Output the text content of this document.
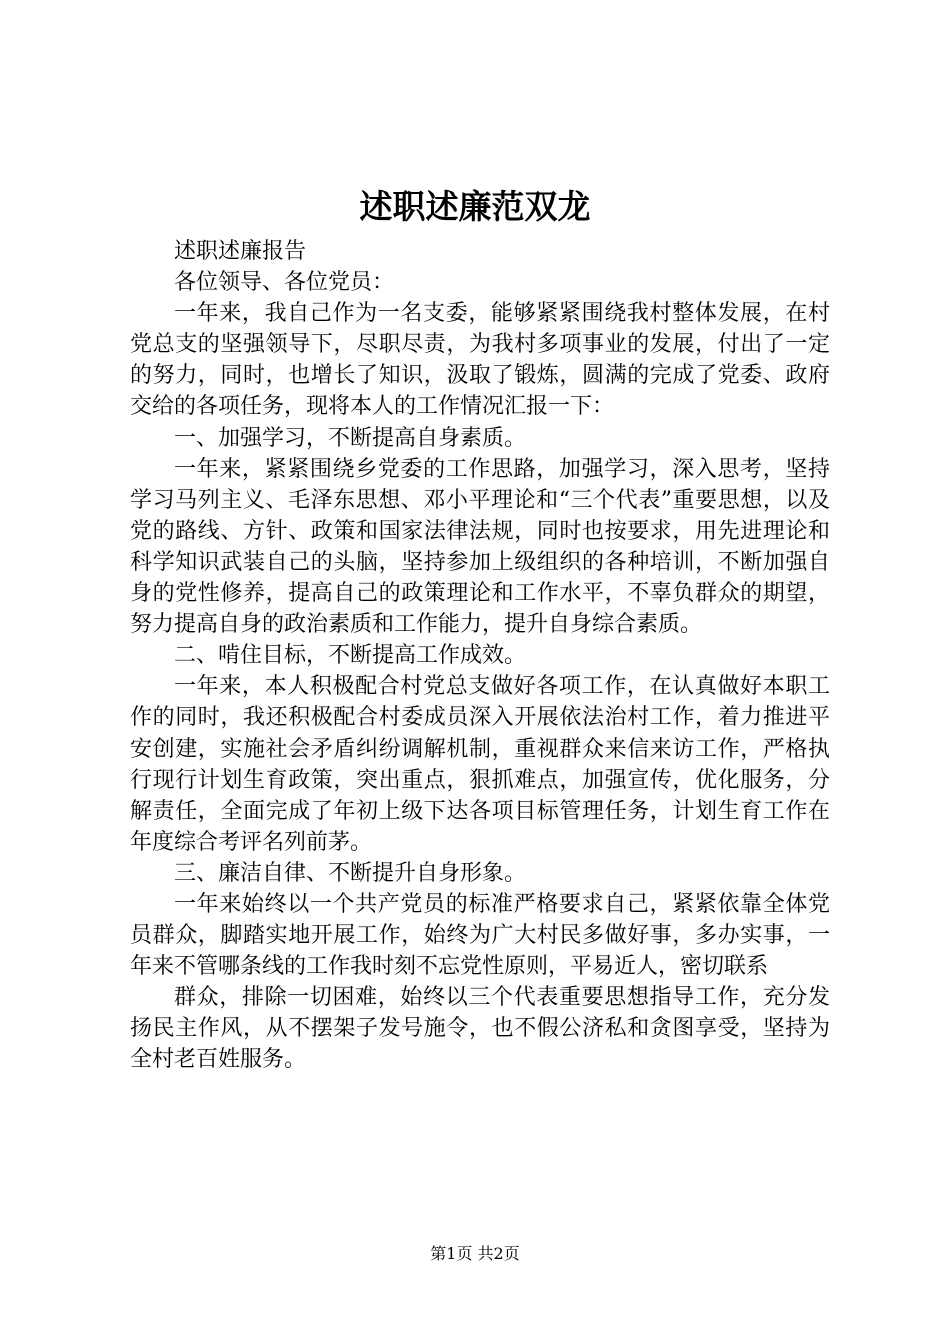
述职述廉范双龙

述职述廉报告

各位领导、各位党员：

一年来，我自己作为一名支委，能够紧紧围绕我村整体发展，在村党总支的坚强领导下，尽职尽责，为我村多项事业的发展，付出了一定的努力，同时，也增长了知识，汲取了锻炼，圆满的完成了党委、政府交给的各项任务，现将本人的工作情况汇报一下：

一、加强学习，不断提高自身素质。

一年来，紧紧围绕乡党委的工作思路，加强学习，深入思考，坚持学习马列主义、毛泽东思想、邓小平理论和“三个代表”重要思想，以及党的路线、方针、政策和国家法律法规，同时也按要求，用先进理论和科学知识武装自己的头脑，坚持参加上级组织的各种培训，不断加强自身的党性修养，提高自己的政策理论和工作水平，不辜负群众的期望，努力提高自身的政治素质和工作能力，提升自身综合素质。

二、啃住目标，不断提高工作成效。

一年来，本人积极配合村党总支做好各项工作，在认真做好本职工作的同时，我还积极配合村委成员深入开展依法治村工作，着力推进平安创建，实施社会矛盾纠纷调解机制，重视群众来信来访工作，严格执行现行计划生育政策，突出重点，狠抓难点，加强宣传，优化服务，分解责任，全面完成了年初上级下达各项目标管理任务，计划生育工作在年度综合考评名列前茅。

三、廉洁自律、不断提升自身形象。

一年来始终以一个共产党员的标准严格要求自己，紧紧依靠全体党员群众，脚踏实地开展工作，始终为广大村民多做好事，多办实事，一年来不管哪条线的工作我时刻不忘党性原则，平易近人，密切联系

群众，排除一切困难，始终以三个代表重要思想指导工作，充分发扬民主作风，从不摆架子发号施令，也不假公济私和贪图享受，坚持为全村老百姓服务。

第1页 共2页
